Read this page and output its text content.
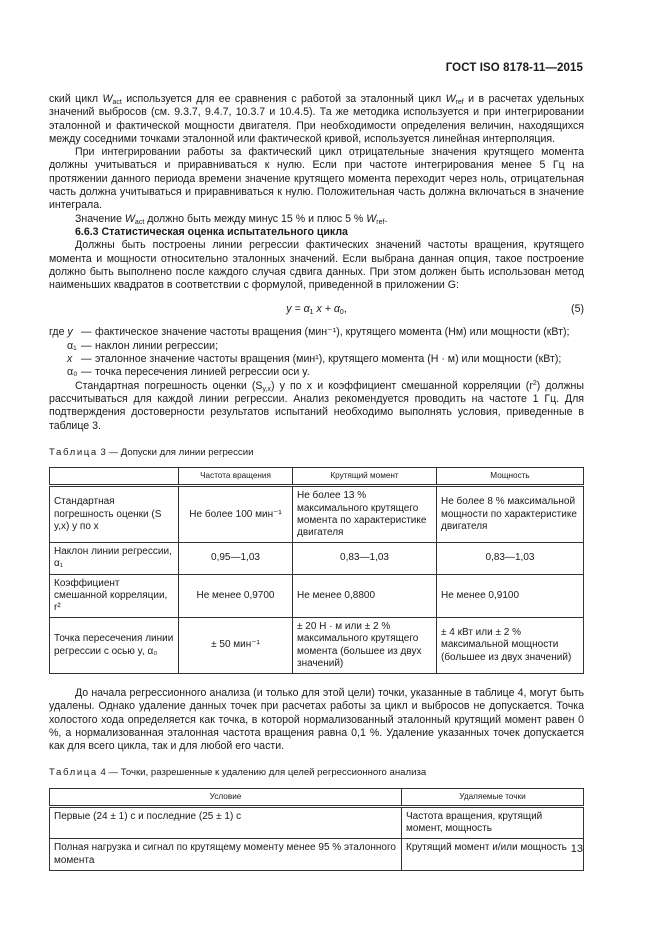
ГОСТ ISO 8178-11—2015

ский цикл $W_{act}$ используется для ее сравнения с работой за эталонный цикл $W_{ref}$ и в расчетах удельных значений выбросов (см. 9.3.7, 9.4.7, 10.3.7 и 10.4.5). Та же методика используется и при интегрировании эталонной и фактической мощности двигателя. При необходимости определения величин, находящихся между соседними точками эталонной или фактической кривой, используется линейная интерполяция.

При интегрировании работы за фактический цикл отрицательные значения крутящего момента должны учитываться и приравниваться к нулю. Если при частоте интегрирования менее 5 Гц на протяжении данного периода времени значение крутящего момента переходит через ноль, отрицательная часть должна учитываться и приравниваться к нулю. Положительная часть должна включаться в значение интеграла.

Значение $W_{act}$ должно быть между минус 15 % и плюс 5 % $W_{ref}$.

6.6.3 Статистическая оценка испытательного цикла

Должны быть построены линии регрессии фактических значений частоты вращения, крутящего момента и мощности относительно эталонных значений. Если выбрана данная опция, такое построение должно быть выполнено после каждого случая сдвига данных. При этом должен быть использован метод наименьших квадратов в соответствии с формулой, приведенной в приложении G:

$y = \alpha_1$ $x + \alpha_0$,	(5)
где y — фактическое значение частоты вращения (мин⁻¹), крутящего момента (Нм) или мощности (кВт);
α₁ — наклон линии регрессии;
x — эталонное значение частоты вращения (мин¹), крутящего момента (Н · м) или мощности (кВт);
α₀ — точка пересечения линией регрессии оси y.

Стандартная погрешность оценки $(S_{y,x})$ y по x и коэффициент смешанной корреляции $(r^2)$ должны рассчитываться для каждой линии регрессии. Анализ рекомендуется проводить на частоте 1 Гц. Для подтверждения достоверности результатов испытаний необходимо выполнять условия, приведенные в таблице 3.

Таблица 3 — Допуски для линии регрессии
	Частота вращения	Крутящий момент	Мощность
Стандартная погрешность оценки (S y,x) y по x	Не более 100 мин⁻¹	Не более 13 % максимального крутящего момента по характеристике двигателя	Не более 8 % максимальной мощности по характеристике двигателя
Наклон линии регрессии, α₁	0,95—1,03	0,83—1,03	0,83—1,03
Коэффициент смешанной корреляции, r²	Не менее 0,9700	Не менее 0,8800	Не менее 0,9100
Точка пересечения линии регрессии с осью y, α₀	± 50 мин⁻¹	± 20 Н · м или ± 2 % максимального крутящего момента (большее из двух значений)	± 4 кВт или ± 2 % максимальной мощности (большее из двух значений)

До начала регрессионного анализа (и только для этой цели) точки, указанные в таблице 4, могут быть удалены. Однако удаление данных точек при расчетах работы за цикл и выбросов не допускается. Точка холостого хода определяется как точка, в которой нормализованный эталонный крутящий момент равен 0 %, а нормализованная эталонная частота вращения равна 0,1 %. Удаление указанных точек допускается как для всего цикла, так и для любой его части.

Таблица 4 — Точки, разрешенные к удалению для целей регрессионного анализа
Условие	Удаляемые точки
Первые (24 ± 1) с и последние (25 ± 1) с	Частота вращения, крутящий момент, мощность
Полная нагрузка и сигнал по крутящему моменту менее 95 % эталонного момента	Крутящий момент и/или мощность 13
